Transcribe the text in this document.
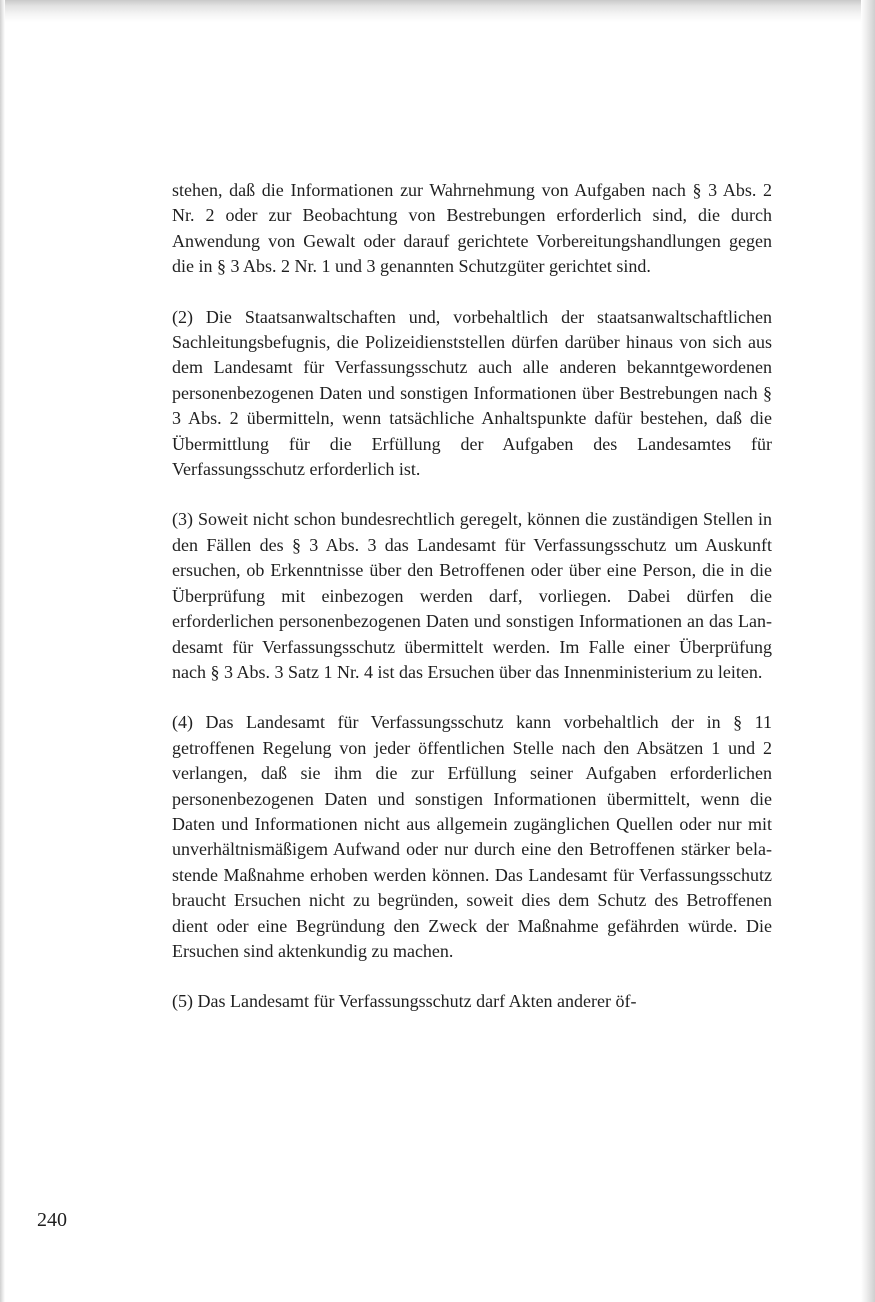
stehen, daß die Informationen zur Wahrnehmung von Aufgaben nach § 3 Abs. 2 Nr. 2 oder zur Beobachtung von Bestrebungen erforderlich sind, die durch Anwendung von Gewalt oder darauf gerichtete Vorbereitungshandlungen gegen die in § 3 Abs. 2 Nr. 1 und 3 genannten Schutzgüter gerichtet sind.

(2) Die Staatsanwaltschaften und, vorbehaltlich der staatsanwaltschaftlichen Sachleitungsbefugnis, die Polizeidienststellen dürfen darüber hinaus von sich aus dem Landesamt für Verfassungsschutz auch alle anderen bekanntgewordenen personenbezogenen Daten und sonstigen Informationen über Bestrebungen nach § 3 Abs. 2 übermitteln, wenn tatsächliche Anhaltspunkte dafür bestehen, daß die Übermittlung für die Erfüllung der Aufgaben des Landesamtes für Verfassungsschutz erforderlich ist.

(3) Soweit nicht schon bundesrechtlich geregelt, können die zuständigen Stellen in den Fällen des § 3 Abs. 3 das Landesamt für Verfassungsschutz um Auskunft ersuchen, ob Erkenntnisse über den Betroffenen oder über eine Person, die in die Überprüfung mit einbezogen werden darf, vorliegen. Dabei dürfen die erforderlichen personenbezogenen Daten und sonstigen Informationen an das Landesamt für Verfassungsschutz übermittelt werden. Im Falle einer Überprüfung nach § 3 Abs. 3 Satz 1 Nr. 4 ist das Ersuchen über das Innenministerium zu leiten.

(4) Das Landesamt für Verfassungsschutz kann vorbehaltlich der in § 11 getroffenen Regelung von jeder öffentlichen Stelle nach den Absätzen 1 und 2 verlangen, daß sie ihm die zur Erfüllung seiner Aufgaben erforderlichen personenbezogenen Daten und sonstigen Informationen übermittelt, wenn die Daten und Informationen nicht aus allgemein zugänglichen Quellen oder nur mit unverhältnismäßigem Aufwand oder nur durch eine den Betroffenen stärker belastende Maßnahme erhoben werden können. Das Landesamt für Verfassungsschutz braucht Ersuchen nicht zu begründen, soweit dies dem Schutz des Betroffenen dient oder eine Begründung den Zweck der Maßnahme gefährden würde. Die Ersuchen sind aktenkundig zu machen.

(5) Das Landesamt für Verfassungsschutz darf Akten anderer öf-

240
